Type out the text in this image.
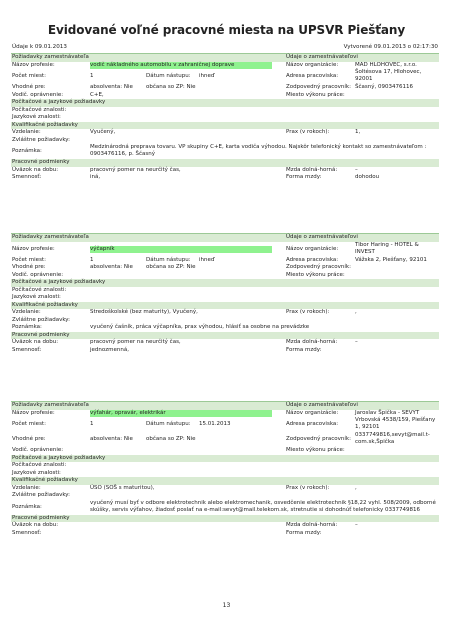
Evidované voľné pracovné miesta na UPSVR Piešťany
Údaje k 09.01.2013	Vytvorené 09.01.2013 o 02:17:30
Požiadavky zamestnávateľa	Údaje o zamestnávateľovi
Názov profesie:	vodič nákladného automobilu v zahraničnej doprave	Názov organizácie:	MAD HLOHOVEC, s.r.o.
Počet miest:	1	Dátum nástupu: ihneď	Adresa pracoviska:
Šoltésova 17, Hlohovec, 92001
Vhodné pre:	absolventa: Nie občana so ZP: Nie	Zodpovedný pracovník: Ščasný, 0903476116
Vodič. oprávnenie:	C+E,	Miesto výkonu práce:
Počítačové a jazykové požiadavky
Počítačové znalosti:
Jazykové znalosti:
Kvalifikačné požiadavky
Vzdelanie:	Vyučený,	Prax (v rokoch):	1,
Zvláštne požiadavky:
Poznámka:
Medzinárodná preprava tovaru. VP skupiny C+E, karta vodiča výhodou. Najskôr telefonický kontakt so zamestnávateľom : 0903476116, p. Ščasný
Pracovné podmienky
Úväzok na dobu:	pracovný pomer na neurčitý čas,	Mzda dolná-horná:	–
Smennosť:	iná,	Forma mzdy:	dohodou
Požiadavky zamestnávateľa	Údaje o zamestnávateľovi
Názov profesie:	výčapník	Názov organizácie:
Tibor Haring - HOTEL & INVEST
Počet miest:	1	Dátum nástupu: ihneď	Adresa pracoviska:	Vážska 2, Piešťany, 92101
Vhodné pre:	absolventa: Nie občana so ZP: Nie	Zodpovedný pracovník:
Vodič. oprávnenie:	Miesto výkonu práce:
Počítačové a jazykové požiadavky
Počítačové znalosti:
Jazykové znalosti:
Kvalifikačné požiadavky
Vzdelanie:	Stredoškolské (bez maturity), Vyučený,	Prax (v rokoch):	,
Zvláštne požiadavky:
Poznámka:	vyučený čašník, práca výčapníka, prax výhodou, hlásiť sa osobne na prevádzke
Pracovné podmienky
Úväzok na dobu:	pracovný pomer na neurčitý čas,	Mzda dolná-horná:	–
Smennosť:	jednozmenná,	Forma mzdy:
Požiadavky zamestnávateľa	Údaje o zamestnávateľovi
Názov profesie:	výťahár, opravár, elektrikár	Názov organizácie:	Jaroslav Špička - SEVYT
Počet miest:	1	Dátum nástupu: 15.01.2013	Adresa pracoviska:
Vrbovská 4538/159, Piešťany 1, 92101
Vhodné pre:	absolventa: Nie občana so ZP: Nie	Zodpovedný pracovník:
0337749816,sevyt@mail.t-com.sk,Špička
Vodič. oprávnenie:	Miesto výkonu práce:
Počítačové a jazykové požiadavky
Počítačové znalosti:
Jazykové znalosti:
Kvalifikačné požiadavky
Vzdelanie:	ÚSO (SOŠ s maturitou),	Prax (v rokoch):	,
Zvláštne požiadavky:
Poznámka:
vyučený musí byť v odbore elektrotechnik alebo elektromechanik, osvedčenie elektrotechnik §18,22 vyhl. 508/2009, odborné skúšky, servis výťahov, žiadosť poslať na e-mail:sevyt@mail.telekom.sk, stretnutie si dohodnúť telefonicky 0337749816
Pracovné podmienky
Úväzok na dobu:	Mzda dolná-horná:	–
Smennosť:	Forma mzdy:
13
